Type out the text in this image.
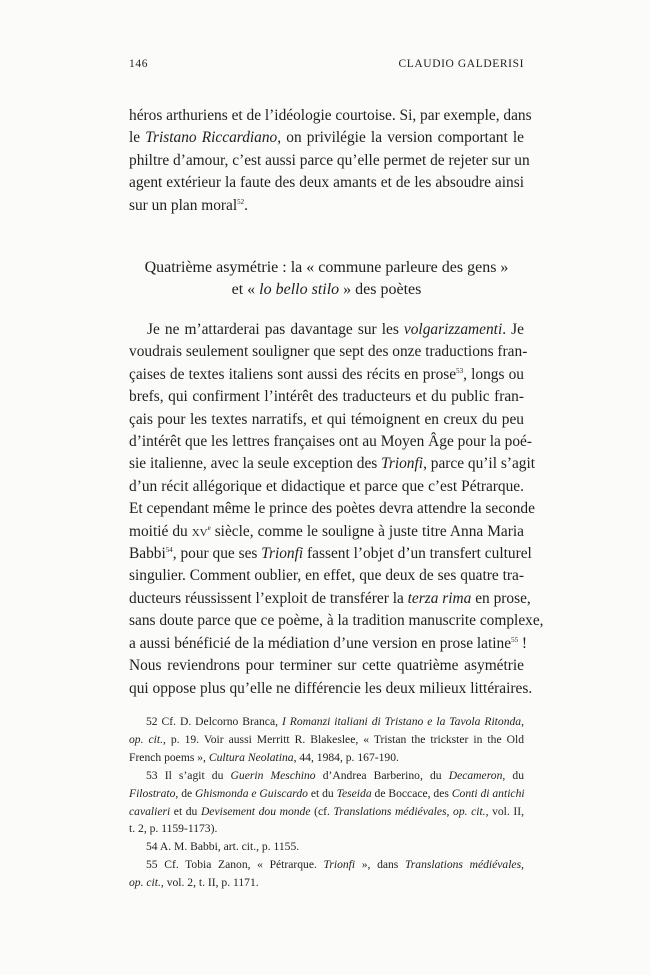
146	CLAUDIO GALDERISI
héros arthuriens et de l’idéologie courtoise. Si, par exemple, dans
le Tristano Riccardiano, on privilégie la version comportant le
philtre d’amour, c’est aussi parce qu’elle permet de rejeter sur un
agent extérieur la faute des deux amants et de les absoudre ainsi
sur un plan moral$^{52}$.
Quatrième asymétrie : la « commune parleure des gens »
et « lo bello stilo » des poètes
Je ne m’attarderai pas davantage sur les volgarizzamenti. Je
voudrais seulement souligner que sept des onze traductions fran-
çaises de textes italiens sont aussi des récits en prose$^{53}$, longs ou
brefs, qui confirment l’intérêt des traducteurs et du public fran-
çais pour les textes narratifs, et qui témoignent en creux du peu
d’intérêt que les lettres françaises ont au Moyen Âge pour la poé-
sie italienne, avec la seule exception des Trionfi, parce qu’il s’agit
d’un récit allégorique et didactique et parce que c’est Pétrarque.
Et cependant même le prince des poètes devra attendre la seconde
moitié du $xv^e$ siècle, comme le souligne à juste titre Anna Maria
Babbi$^{54}$, pour que ses Trionfi fassent l’objet d’un transfert culturel
singulier. Comment oublier, en effet, que deux de ses quatre tra-
ducteurs réussissent l’exploit de transférer la terza rima en prose,
sans doute parce que ce poème, à la tradition manuscrite complexe,
a aussi bénéficié de la médiation d’une version en prose latine$^{55}$ !
Nous reviendrons pour terminer sur cette quatrième asymétrie
qui oppose plus qu’elle ne différencie les deux milieux littéraires.
52 Cf. D. Delcorno Branca, I Romanzi italiani di Tristano e la Tavola Ritonda,
op. cit., p. 19. Voir aussi Merritt R. Blakeslee, « Tristan the trickster in the Old
French poems », Cultura Neolatina, 44, 1984, p. 167-190.
53 Il s’agit du Guerin Meschino d’Andrea Barberino, du Decameron, du
Filostrato, de Ghismonda e Guiscardo et du Teseida de Boccace, des Conti di antichi
cavalieri et du Devisement dou monde (cf. Translations médiévales, op. cit., vol. II,
t. 2, p. 1159-1173).
54 A. M. Babbi, art. cit., p. 1155.
55 Cf. Tobia Zanon, « Pétrarque. Trionfi », dans Translations médiévales,
op. cit., vol. 2, t. II, p. 1171.
